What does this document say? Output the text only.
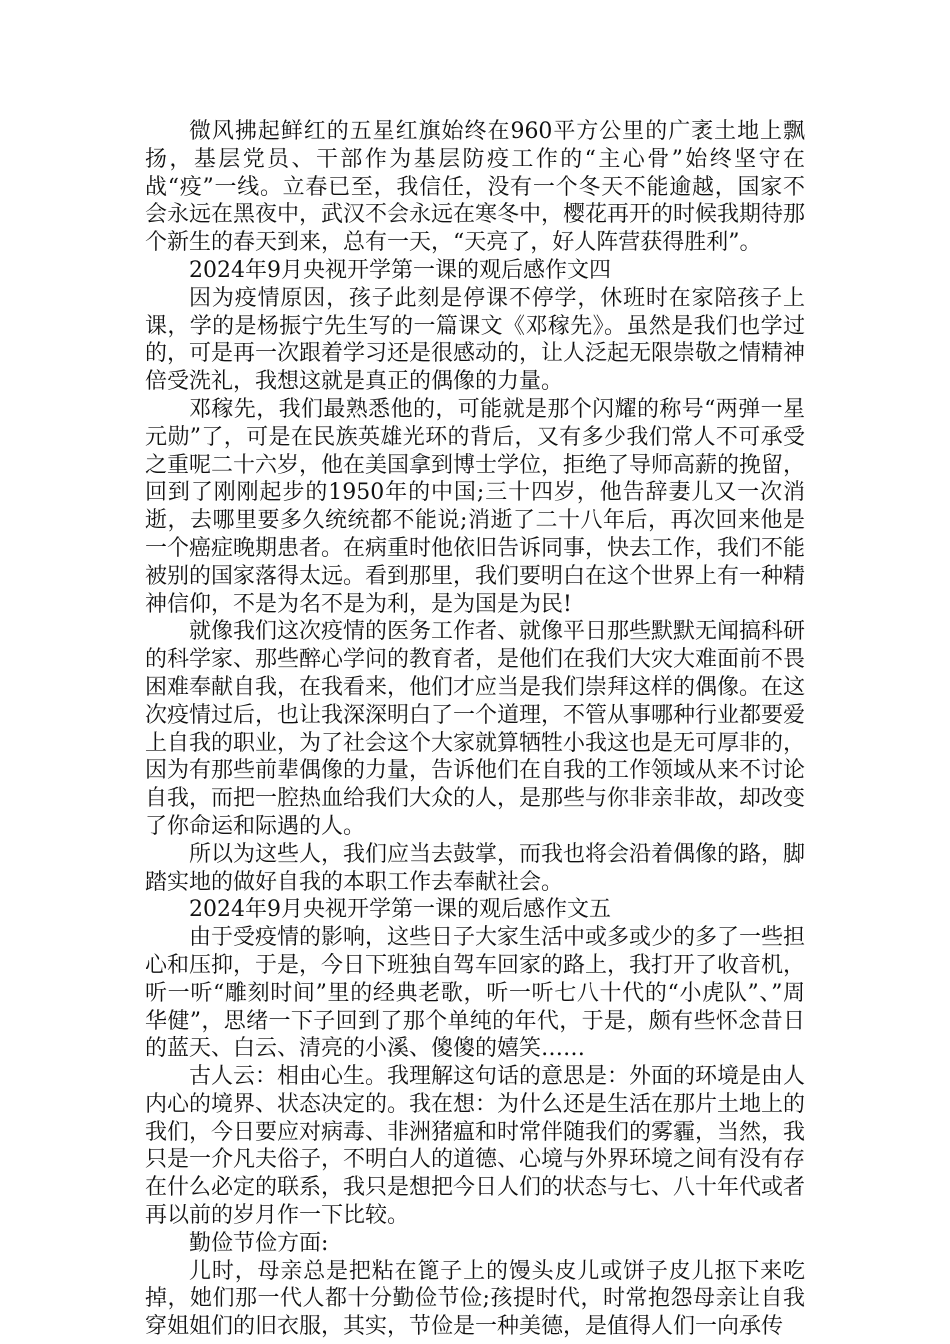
微风拂起鲜红的五星红旗始终在960平方公里的广袤土地上飘扬，基层党员、干部作为基层防疫工作的“主心骨”始终坚守在战“疫”一线。立春已至，我信任，没有一个冬天不能逾越，国家不会永远在黑夜中，武汉不会永远在寒冬中，樱花再开的时候我期待那个新生的春天到来，总有一天，“天亮了，好人阵营获得胜利”。

2024年9月央视开学第一课的观后感作文四

因为疫情原因，孩子此刻是停课不停学，休班时在家陪孩子上课，学的是杨振宁先生写的一篇课文《邓稼先》。虽然是我们也学过的，可是再一次跟着学习还是很感动的，让人泛起无限崇敬之情精神倍受洗礼，我想这就是真正的偶像的力量。

邓稼先，我们最熟悉他的，可能就是那个闪耀的称号“两弹一星元勋”了，可是在民族英雄光环的背后，又有多少我们常人不可承受之重呢二十六岁，他在美国拿到博士学位，拒绝了导师高薪的挽留，回到了刚刚起步的1950年的中国;三十四岁，他告辞妻儿又一次消逝，去哪里要多久统统都不能说;消逝了二十八年后，再次回来他是一个癌症晚期患者。在病重时他依旧告诉同事，快去工作，我们不能被别的国家落得太远。看到那里，我们要明白在这个世界上有一种精神信仰，不是为名不是为利，是为国是为民!

就像我们这次疫情的医务工作者、就像平日那些默默无闻搞科研的科学家、那些醉心学问的教育者，是他们在我们大灾大难面前不畏困难奉献自我，在我看来，他们才应当是我们崇拜这样的偶像。在这次疫情过后，也让我深深明白了一个道理，不管从事哪种行业都要爱上自我的职业，为了社会这个大家就算牺牲小我这也是无可厚非的，因为有那些前辈偶像的力量，告诉他们在自我的工作领域从来不讨论自我，而把一腔热血给我们大众的人，是那些与你非亲非故，却改变了你命运和际遇的人。

所以为这些人，我们应当去鼓掌，而我也将会沿着偶像的路，脚踏实地的做好自我的本职工作去奉献社会。

2024年9月央视开学第一课的观后感作文五

由于受疫情的影响，这些日子大家生活中或多或少的多了一些担心和压抑，于是，今日下班独自驾车回家的路上，我打开了收音机，听一听“雕刻时间”里的经典老歌，听一听七八十代的“小虎队”、”周华健”，思绪一下子回到了那个单纯的年代，于是，颇有些怀念昔日的蓝天、白云、清亮的小溪、傻傻的嬉笑……

古人云：相由心生。我理解这句话的意思是：外面的环境是由人内心的境界、状态决定的。我在想：为什么还是生活在那片土地上的我们，今日要应对病毒、非洲猪瘟和时常伴随我们的雾霾，当然，我只是一介凡夫俗子，不明白人的道德、心境与外界环境之间有没有存在什么必定的联系，我只是想把今日人们的状态与七、八十年代或者再以前的岁月作一下比较。

勤俭节俭方面:

儿时，母亲总是把粘在篦子上的馒头皮儿或饼子皮儿抠下来吃掉，她们那一代人都十分勤俭节俭;孩提时代，时常抱怨母亲让自我穿姐姐们的旧衣服，其实，节俭是一种美德，是值得人们一向承传
